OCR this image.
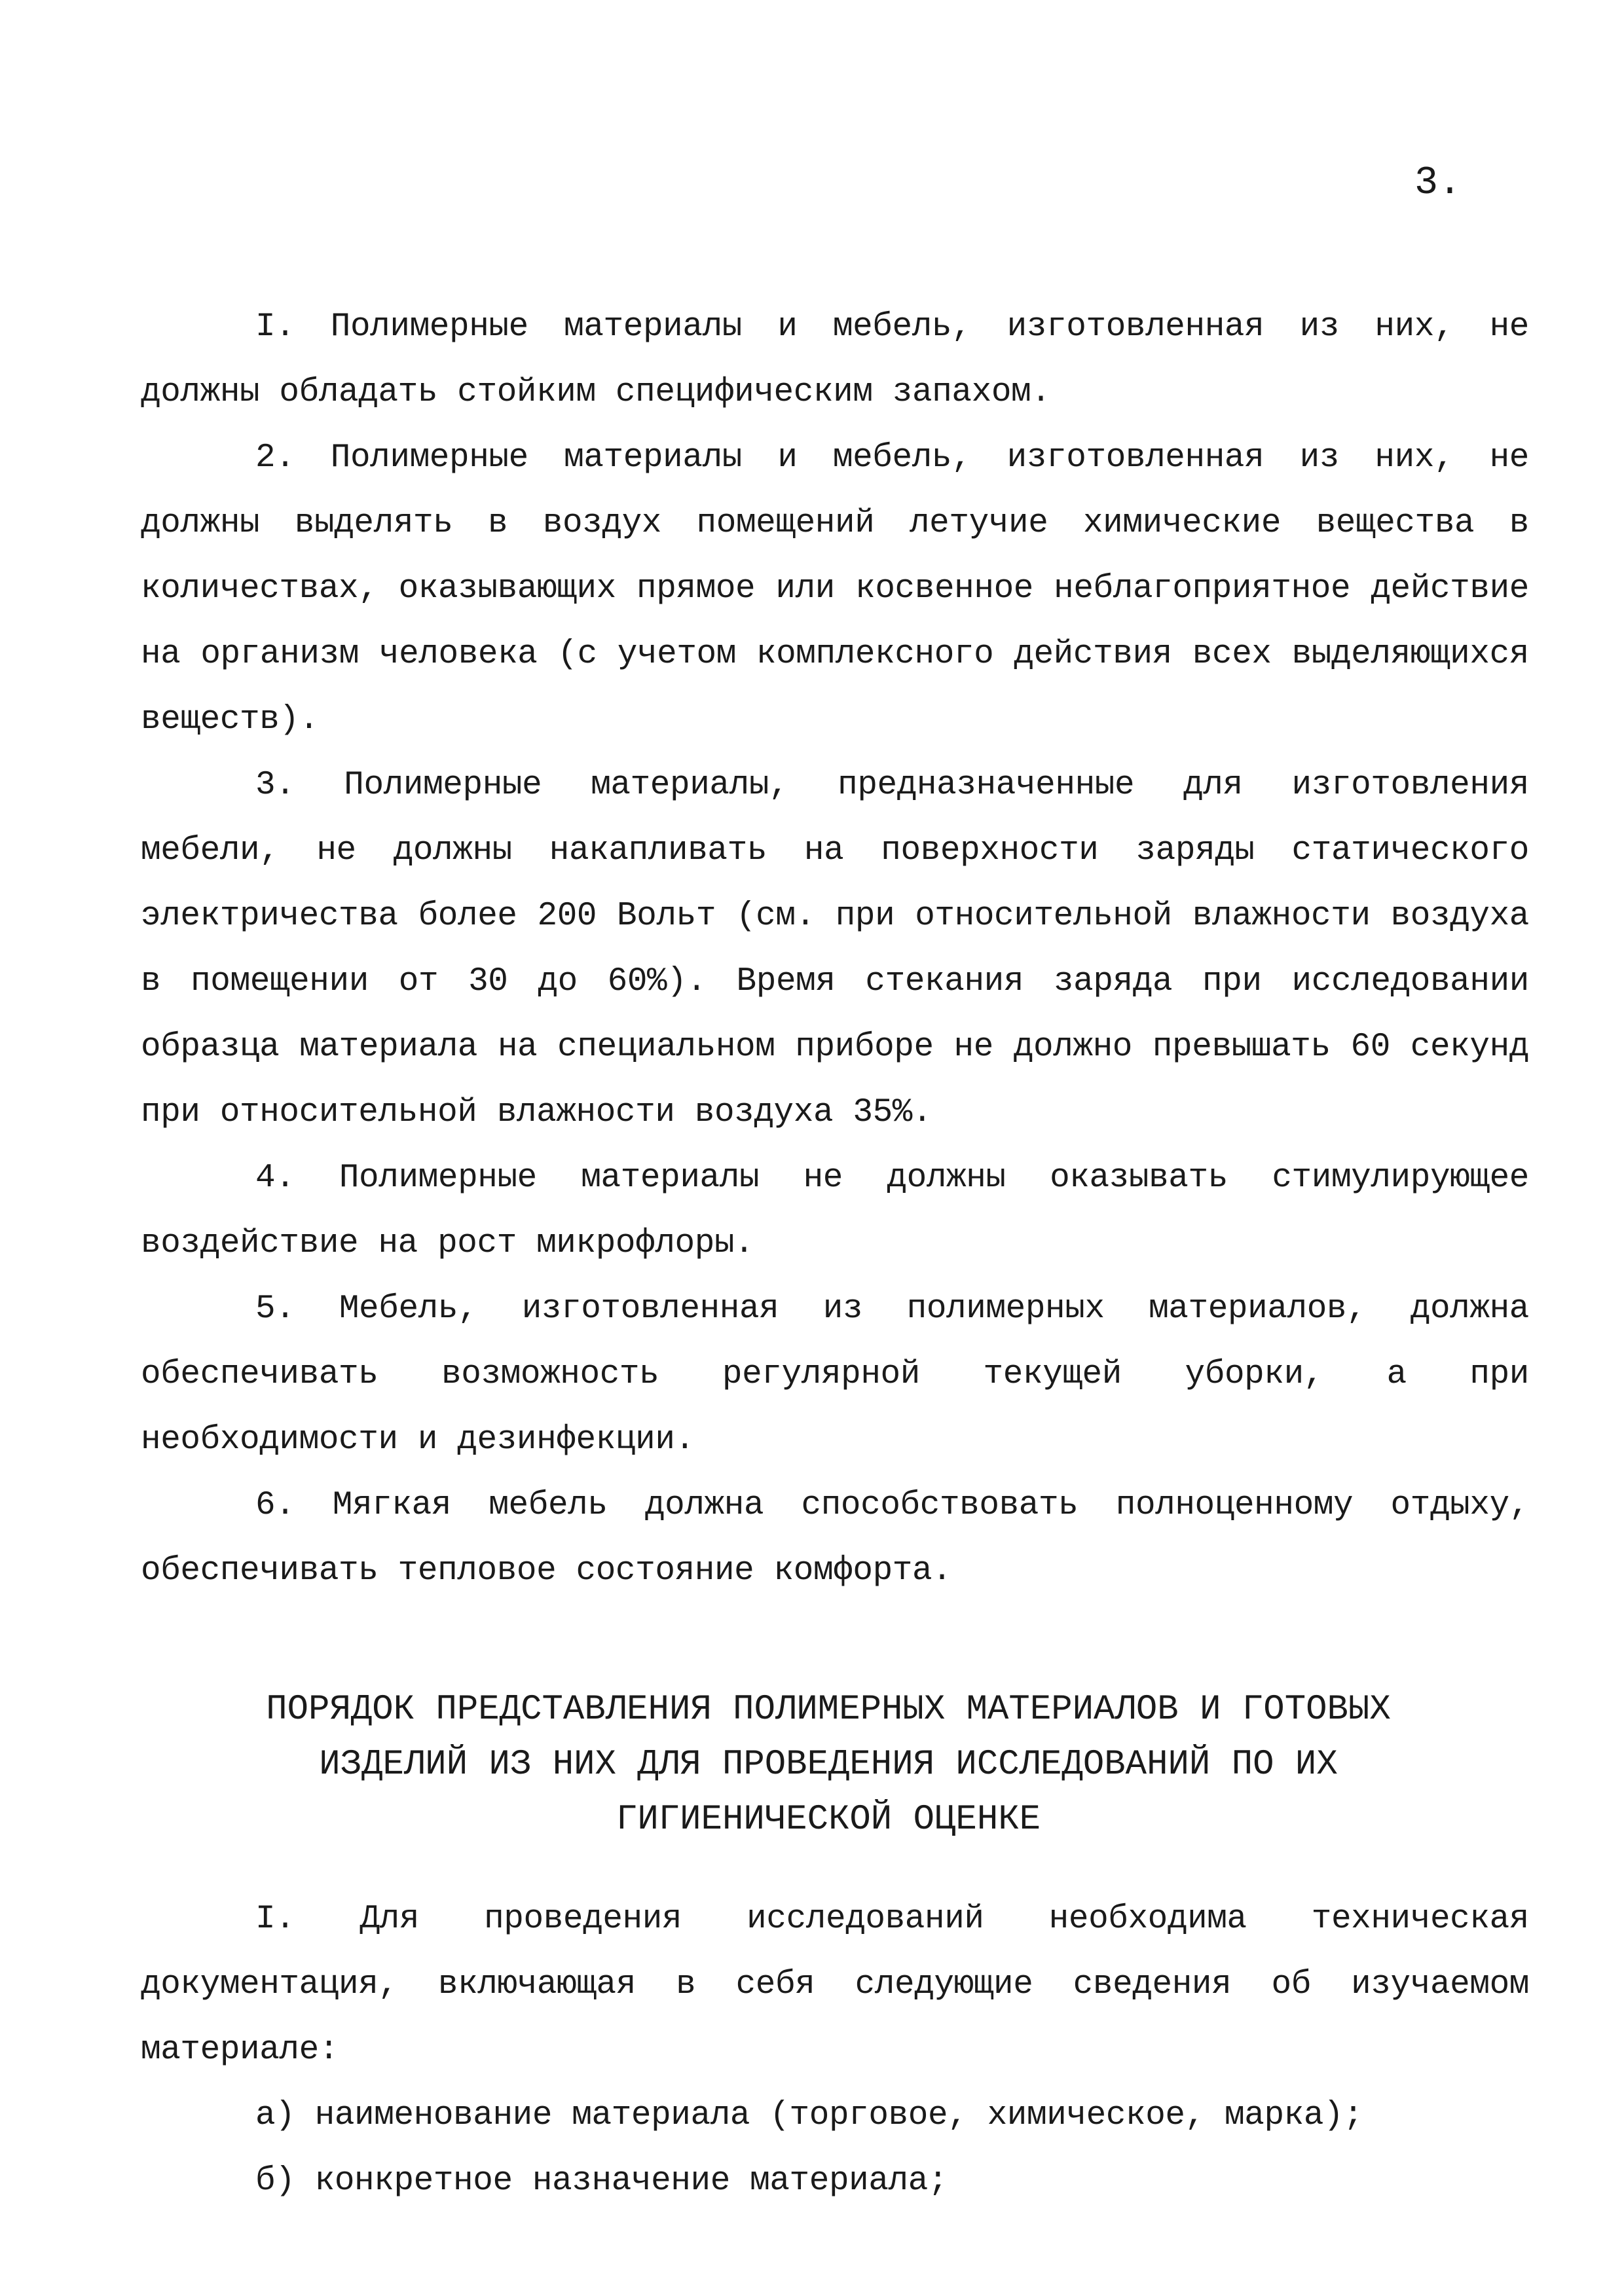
3.

I. Полимерные материалы и мебель, изготовленная из них, не должны обладать стойким специфическим запахом.

2. Полимерные материалы и мебель, изготовленная из них, не должны выделять в воздух помещений летучие химические вещества в количествах, оказывающих прямое или косвенное неблагоприятное действие на организм человека (с учетом комплексного действия всех выделяющихся веществ).

3. Полимерные материалы, предназначенные для изготовления мебели, не должны накапливать на поверхности заряды статического электричества более 200 Вольт (см. при относительной влажности воздуха в помещении от 30 до 60%). Время стекания заряда при исследовании образца материала на специальном приборе не должно превышать 60 секунд при относительной влажности воздуха 35%.

4. Полимерные материалы не должны оказывать стимулирующее воздействие на рост микрофлоры.

5. Мебель, изготовленная из полимерных материалов, должна обеспечивать возможность регулярной текущей уборки, а при необходимости и дезинфекции.

6. Мягкая мебель должна способствовать полноценному отдыху, обеспечивать тепловое состояние комфорта.

ПОРЯДОК ПРЕДСТАВЛЕНИЯ ПОЛИМЕРНЫХ МАТЕРИАЛОВ И ГОТОВЫХ
ИЗДЕЛИЙ ИЗ НИХ ДЛЯ ПРОВЕДЕНИЯ ИССЛЕДОВАНИЙ ПО ИХ
ГИГИЕНИЧЕСКОЙ ОЦЕНКЕ

I. Для проведения исследований необходима техническая документация, включающая в себя следующие сведения об изучаемом материале:

а) наименование материала (торговое, химическое, марка);

б) конкретное назначение материала;
